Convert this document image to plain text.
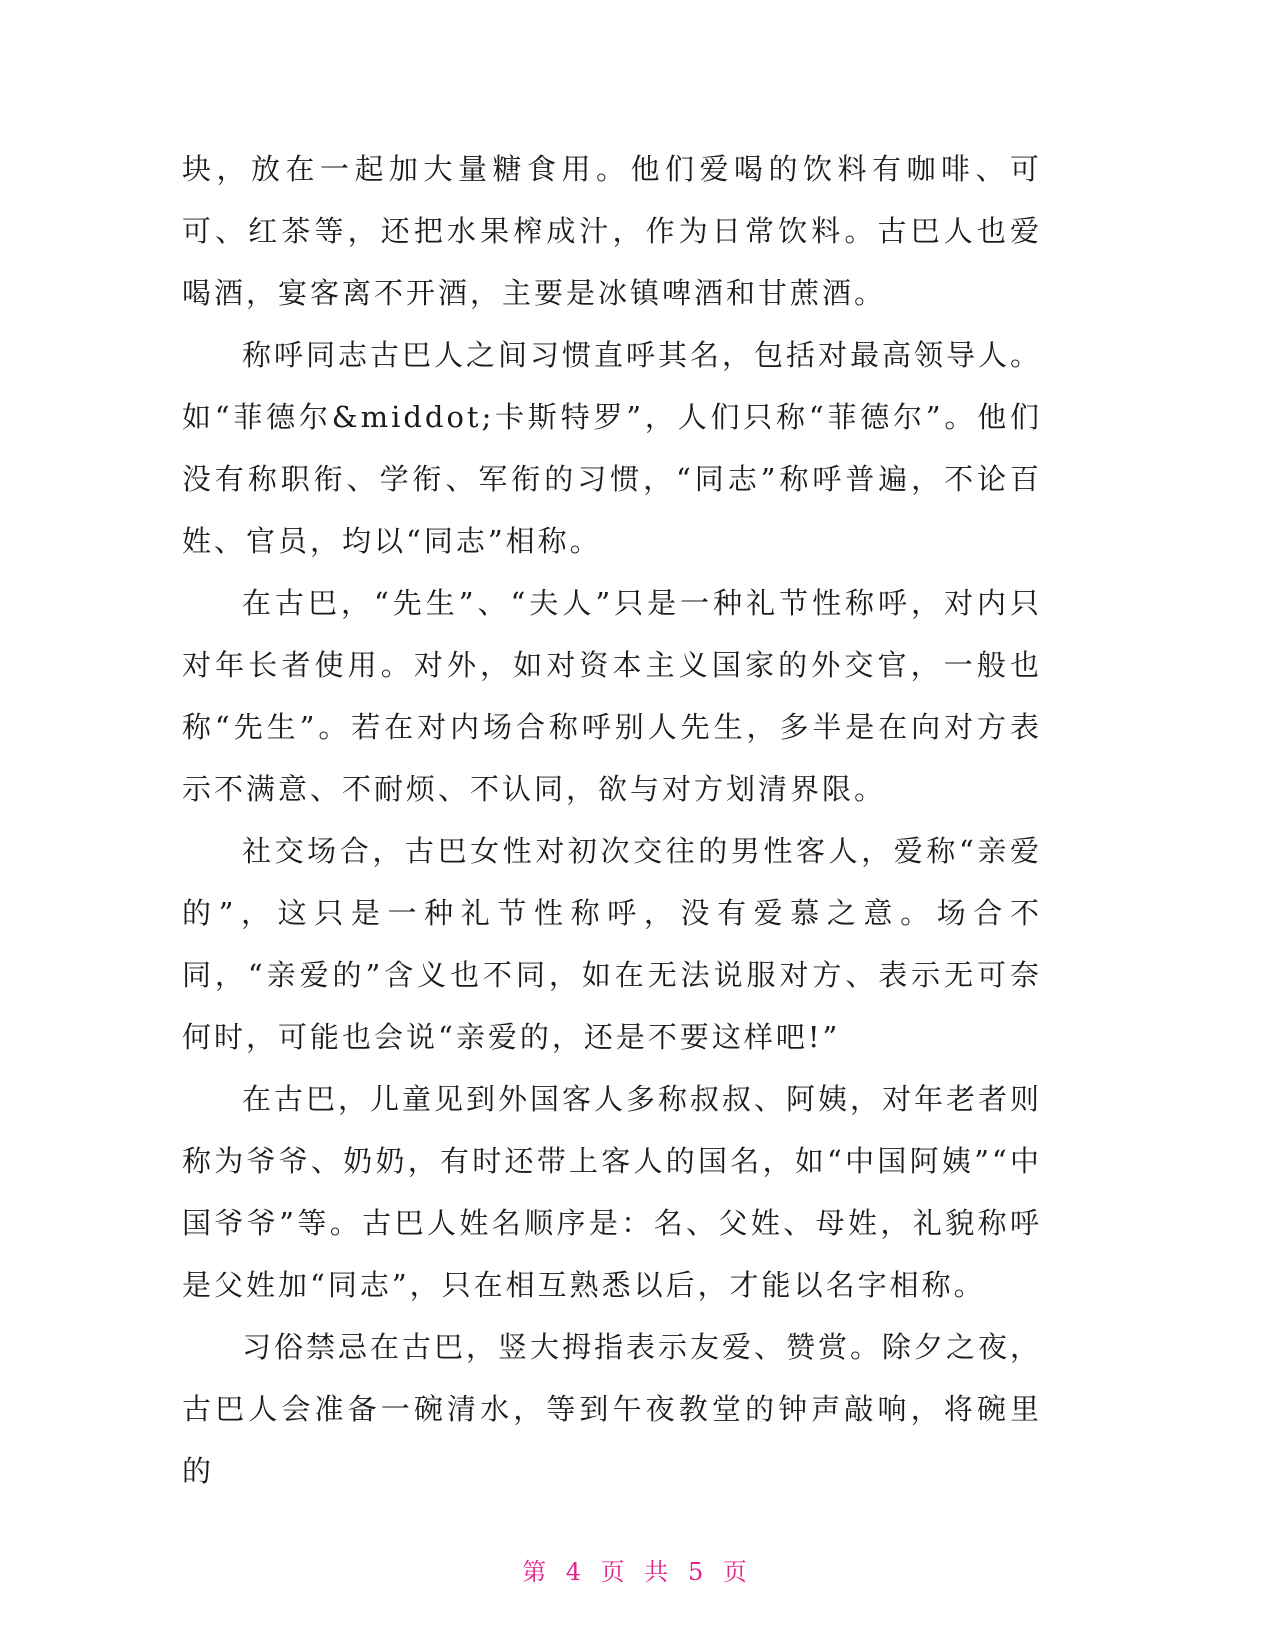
块，放在一起加大量糖食用。他们爱喝的饮料有咖啡、可可、红茶等，还把水果榨成汁，作为日常饮料。古巴人也爱喝酒，宴客离不开酒，主要是冰镇啤酒和甘蔗酒。

称呼同志古巴人之间习惯直呼其名，包括对最高领导人。如“菲德尔&middot;卡斯特罗”，人们只称“菲德尔”。他们没有称职衔、学衔、军衔的习惯，“同志”称呼普遍，不论百姓、官员，均以“同志”相称。

在古巴，“先生”、“夫人”只是一种礼节性称呼，对内只对年长者使用。对外，如对资本主义国家的外交官，一般也称“先生”。若在对内场合称呼别人先生，多半是在向对方表示不满意、不耐烦、不认同，欲与对方划清界限。

社交场合，古巴女性对初次交往的男性客人，爱称“亲爱的”，这只是一种礼节性称呼，没有爱慕之意。场合不同，“亲爱的”含义也不同，如在无法说服对方、表示无可奈何时，可能也会说“亲爱的，还是不要这样吧!”

在古巴，儿童见到外国客人多称叔叔、阿姨，对年老者则称为爷爷、奶奶，有时还带上客人的国名，如“中国阿姨”“中国爷爷”等。古巴人姓名顺序是：名、父姓、母姓，礼貌称呼是父姓加“同志”，只在相互熟悉以后，才能以名字相称。

习俗禁忌在古巴，竖大拇指表示友爱、赞赏。除夕之夜，古巴人会准备一碗清水，等到午夜教堂的钟声敲响，将碗里的

第 4 页 共 5 页
